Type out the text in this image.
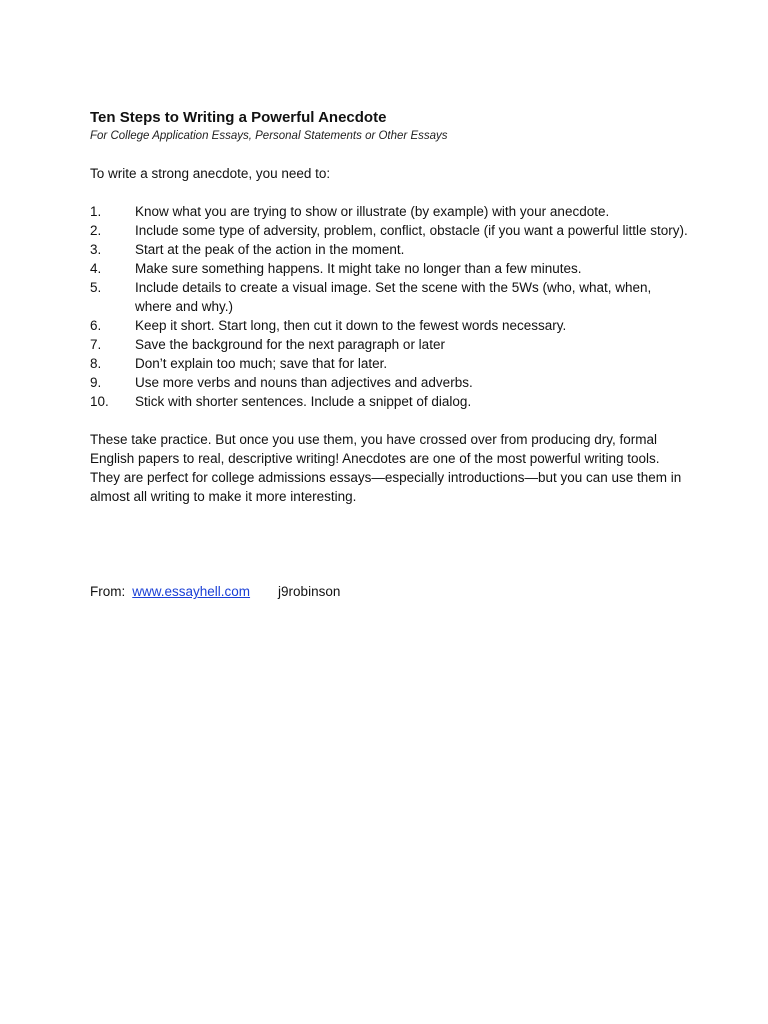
Ten Steps to Writing a Powerful Anecdote

For College Application Essays, Personal Statements or Other Essays

To write a strong anecdote, you need to:

1.	Know what you are trying to show or illustrate (by example) with your anecdote.
2.	Include some type of adversity, problem, conflict, obstacle (if you want a powerful little story).
3.	Start at the peak of the action in the moment.
4.	Make sure something happens. It might take no longer than a few minutes.
5.	Include details to create a visual image. Set the scene with the 5Ws (who, what, when,
where and why.)
6.	Keep it short. Start long, then cut it down to the fewest words necessary.
7.	Save the background for the next paragraph or later
8.	Don’t explain too much; save that for later.
9.	Use more verbs and nouns than adjectives and adverbs.
10.	Stick with shorter sentences. Include a snippet of dialog.

These take practice. But once you use them, you have crossed over from producing dry, formal English papers to real, descriptive writing! Anecdotes are one of the most powerful writing tools. They are perfect for college admissions essays—especially introductions—but you can use them in almost all writing to make it more interesting.

From: www.essayhell.com j9robinson
